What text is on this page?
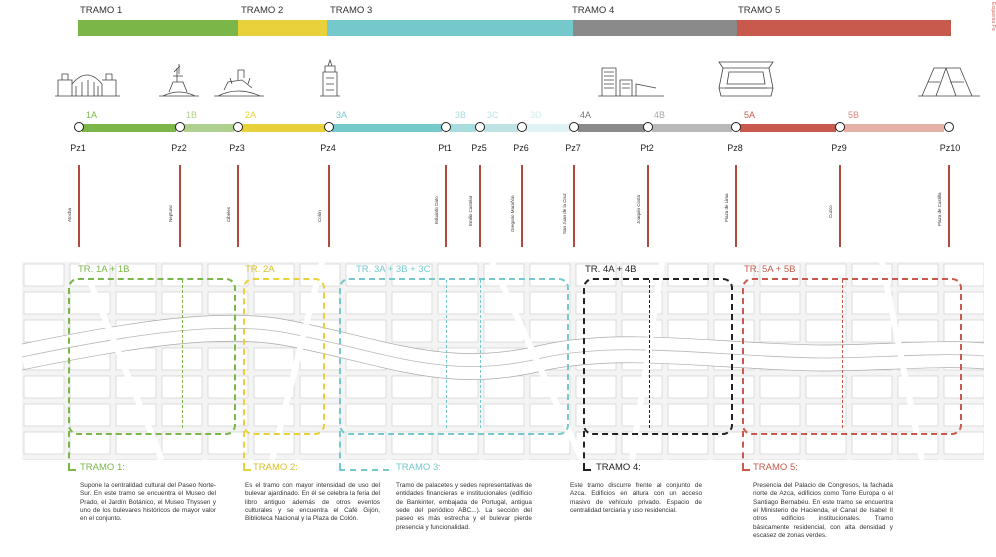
Esquema Pa
TRAMO 1	TRAMO 2	TRAMO 3	TRAMO 4	TRAMO 5
1A	1B	2A	3A	3B 3C	3D	4A	4B	5A	5B
Pz1	Pz2	Pz3	Pz4	Pt1 Pz5	Pz6	Pz7	Pt2	Pz8	Pz9	Pz10
Atocha	Neptuno	Cibeles	Colón	Eduardo Dato	Emilio Castelar	Gregorio Marañón	San Juan de la Cruz	Joaquín Costa	Plaza de Lima	Cuzco	Plaza de Castilla
TR. 1A + 1B	TR. 2A	TR. 3A + 3B + 3C	TR. 4A + 4B	TR. 5A + 5B
TRAMO 1:
Supone la centralidad cultural del Paseo Norte-Sur. En este tramo se encuentra el Museo del Prado, el Jardín Botánico, el Museo Thyssen y uno de los bulevares históricos de mayor valor en el conjunto.
TRAMO 2:
Es el tramo con mayor intensidad de uso del bulevar ajardinado. En él se celebra la feria del libro antiguo además de otros eventos culturales y se encuentra el Café Gijón, Biblioteca Nacional y la Plaza de Colón.
TRAMO 3:
Tramo de palacetes y sedes representativas de entidades financieras e institucionales (edificio de Bankinter, embajada de Portugal, antigua sede del periódico ABC...). La sección del paseo es más estrecha y el bulevar pierde presencia y funcionalidad.
TRAMO 4:
Este tramo discurre frente al conjunto de Azca. Edificios en altura con un acceso masivo de vehículo privado. Espacio de centralidad terciaria y uso residencial.
TRAMO 5:
Presencia del Palacio de Congresos, la fachada norte de Azca, edificios como Torre Europa o el Santiago Bernabéu. En este tramo se encuentra el Ministerio de Hacienda, el Canal de Isabel II otros edificios institucionales. Tramo básicamente residencial, con alta densidad y escasez de zonas verdes.
